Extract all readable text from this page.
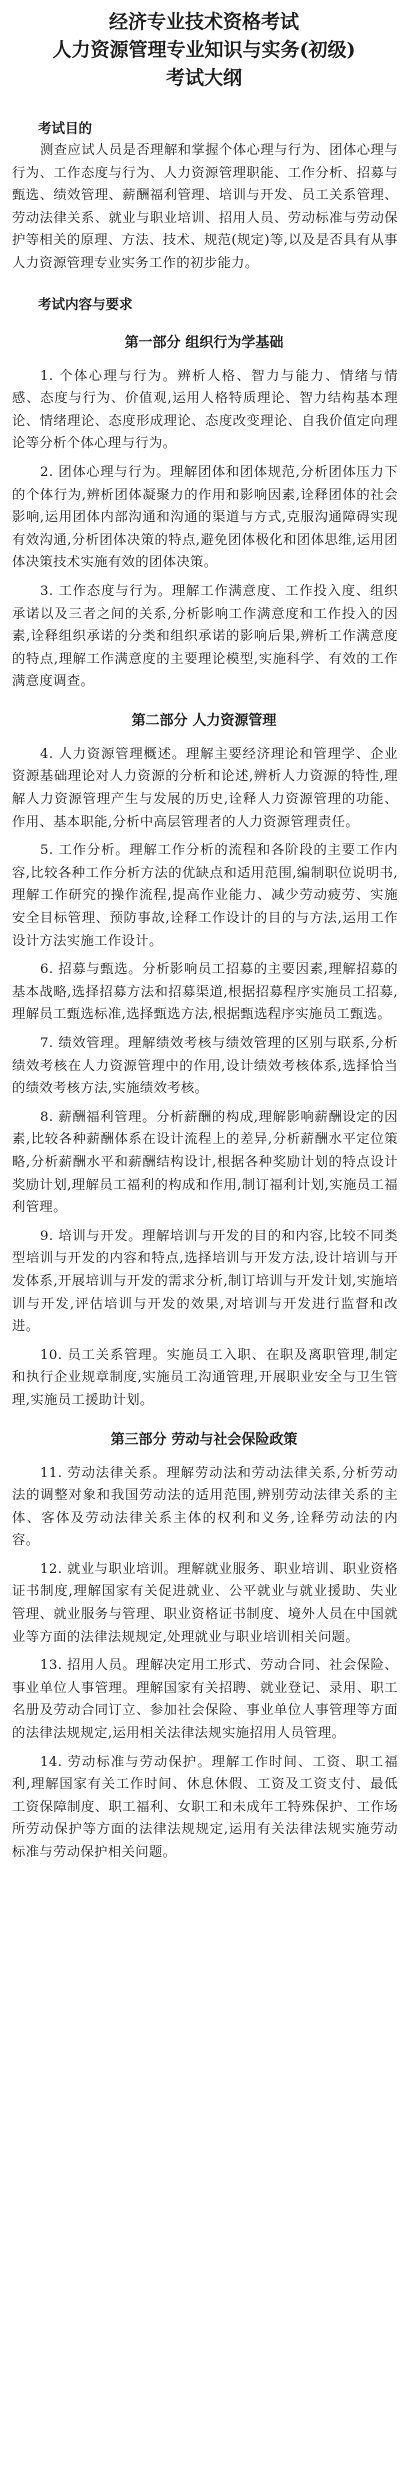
经济专业技术资格考试
人力资源管理专业知识与实务(初级)
考试大纲
考试目的

测查应试人员是否理解和掌握个体心理与行为、团体心理与行为、工作态度与行为、人力资源管理职能、工作分析、招募与甄选、绩效管理、薪酬福利管理、培训与开发、员工关系管理、劳动法律关系、就业与职业培训、招用人员、劳动标准与劳动保护等相关的原理、方法、技术、规范(规定)等,以及是否具有从事人力资源管理专业实务工作的初步能力。

考试内容与要求
第一部分 组织行为学基础

1. 个体心理与行为。辨析人格、智力与能力、情绪与情感、态度与行为、价值观,运用人格特质理论、智力结构基本理论、情绪理论、态度形成理论、态度改变理论、自我价值定向理论等分析个体心理与行为。

2. 团体心理与行为。理解团体和团体规范,分析团体压力下的个体行为,辨析团体凝聚力的作用和影响因素,诠释团体的社会影响,运用团体内部沟通和沟通的渠道与方式,克服沟通障碍实现有效沟通,分析团体决策的特点,避免团体极化和团体思维,运用团体决策技术实施有效的团体决策。

3. 工作态度与行为。理解工作满意度、工作投入度、组织承诺以及三者之间的关系,分析影响工作满意度和工作投入的因素,诠释组织承诺的分类和组织承诺的影响后果,辨析工作满意度的特点,理解工作满意度的主要理论模型,实施科学、有效的工作满意度调查。

第二部分 人力资源管理

4. 人力资源管理概述。理解主要经济理论和管理学、企业资源基础理论对人力资源的分析和论述,辨析人力资源的特性,理解人力资源管理产生与发展的历史,诠释人力资源管理的功能、作用、基本职能,分析中高层管理者的人力资源管理责任。

5. 工作分析。理解工作分析的流程和各阶段的主要工作内容,比较各种工作分析方法的优缺点和适用范围,编制职位说明书,理解工作研究的操作流程,提高作业能力、减少劳动疲劳、实施安全目标管理、预防事故,诠释工作设计的目的与方法,运用工作设计方法实施工作设计。

6. 招募与甄选。分析影响员工招募的主要因素,理解招募的基本战略,选择招募方法和招募渠道,根据招募程序实施员工招募,理解员工甄选标准,选择甄选方法,根据甄选程序实施员工甄选。

7. 绩效管理。理解绩效考核与绩效管理的区别与联系,分析绩效考核在人力资源管理中的作用,设计绩效考核体系,选择恰当的绩效考核方法,实施绩效考核。

8. 薪酬福利管理。分析薪酬的构成,理解影响薪酬设定的因素,比较各种薪酬体系在设计流程上的差异,分析薪酬水平定位策略,分析薪酬水平和薪酬结构设计,根据各种奖励计划的特点设计奖励计划,理解员工福利的构成和作用,制订福利计划,实施员工福利管理。

9. 培训与开发。理解培训与开发的目的和内容,比较不同类型培训与开发的内容和特点,选择培训与开发方法,设计培训与开发体系,开展培训与开发的需求分析,制订培训与开发计划,实施培训与开发,评估培训与开发的效果,对培训与开发进行监督和改进。

10. 员工关系管理。实施员工入职、在职及离职管理,制定和执行企业规章制度,实施员工沟通管理,开展职业安全与卫生管理,实施员工援助计划。

第三部分 劳动与社会保险政策

11. 劳动法律关系。理解劳动法和劳动法律关系,分析劳动法的调整对象和我国劳动法的适用范围,辨别劳动法律关系的主体、客体及劳动法律关系主体的权利和义务,诠释劳动法的内容。

12. 就业与职业培训。理解就业服务、职业培训、职业资格证书制度,理解国家有关促进就业、公平就业与就业援助、失业管理、就业服务与管理、职业资格证书制度、境外人员在中国就业等方面的法律法规规定,处理就业与职业培训相关问题。

13. 招用人员。理解决定用工形式、劳动合同、社会保险、事业单位人事管理。理解国家有关招聘、就业登记、录用、职工名册及劳动合同订立、参加社会保险、事业单位人事管理等方面的法律法规规定,运用相关法律法规实施招用人员管理。

14. 劳动标准与劳动保护。理解工作时间、工资、职工福利,理解国家有关工作时间、休息休假、工资及工资支付、最低工资保障制度、职工福利、女职工和未成年工特殊保护、工作场所劳动保护等方面的法律法规规定,运用有关法律法规实施劳动标准与劳动保护相关问题。
